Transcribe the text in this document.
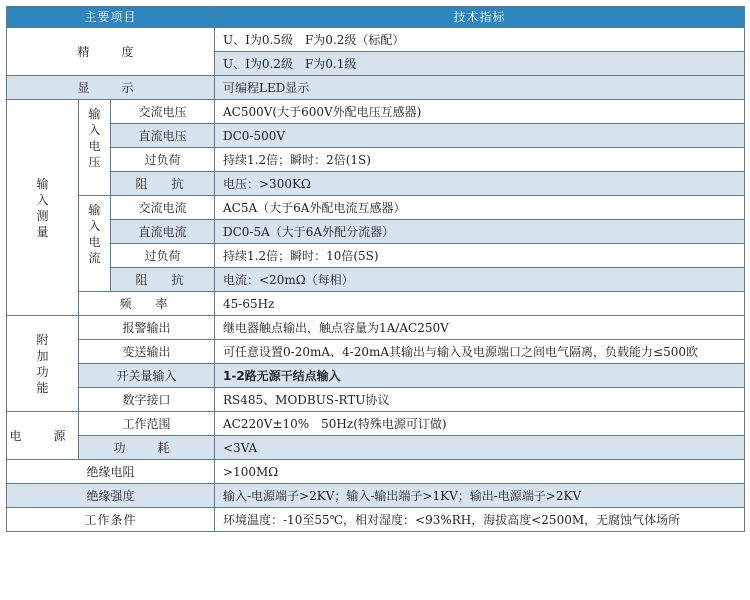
主要项目			技术指标
精　度			U、I为0.5级　F为0.2级（标配）
			U、I为0.2级　F为0.1级
显　示			可编程LED显示
输入测量	输入电压	交流电压	AC500V(大于600V外配电压互感器)
		直流电压	DC0-500V
		过负荷	持续1.2倍；瞬时：2倍(1S)
		阻　抗	电压：>300KΩ
	输入电流	交流电流	AC5A（大于6A外配电流互感器）
		直流电流	DC0-5A（大于6A外配分流器）
		过负荷	持续1.2倍；瞬时：10倍(5S)
		阻　抗	电流：<20mΩ（每相）
	频　率		45-65Hz
附加功能	报警输出		继电器触点输出，触点容量为1A/AC250V
	变送输出		可任意设置0-20mA、4-20mA其输出与输入及电源端口之间电气隔离，负载能力≤500欧
	开关量输入		1-2路无源干结点输入
	数字接口		RS485、MODBUS-RTU协议
电　源	工作范围		AC220V±10%　50Hz(特殊电源可订做)
	功　耗		<3VA
绝缘电阻			>100MΩ
绝缘强度			输入-电源端子>2KV；输入-输出端子>1KV；输出-电源端子>2KV
工作条件			环境温度：-10至55℃，相对湿度：<93%RH，海拔高度<2500M，无腐蚀气体场所
